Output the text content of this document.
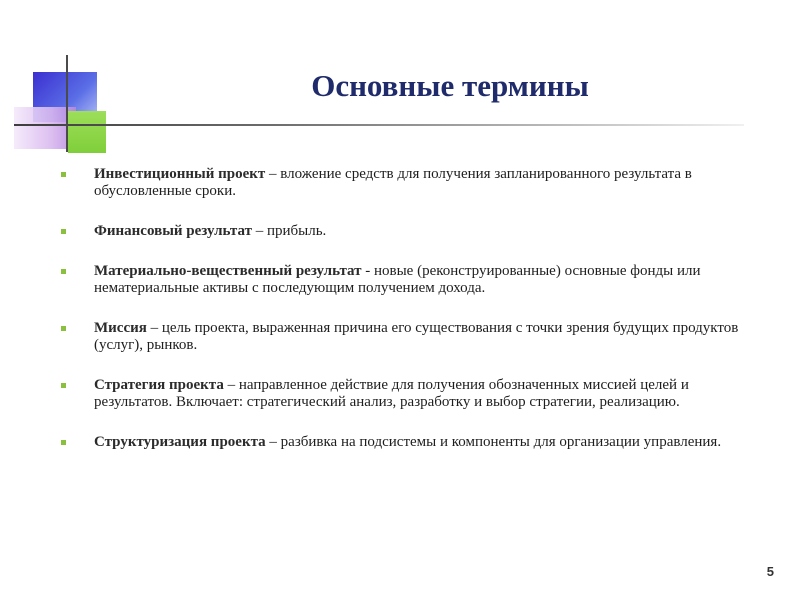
Основные термины
Инвестиционный проект – вложение средств для получения запланированного результата в обусловленные сроки.
Финансовый результат – прибыль.
Материально-вещественный результат - новые (реконструированные) основные фонды или нематериальные активы с последующим получением дохода.
Миссия – цель проекта, выраженная причина его существования с точки зрения будущих продуктов (услуг), рынков.
Стратегия проекта – направленное действие для получения обозначенных миссией целей и результатов. Включает: стратегический анализ, разработку и выбор стратегии, реализацию.
Структуризация проекта – разбивка на подсистемы и компоненты для организации управления.
5
